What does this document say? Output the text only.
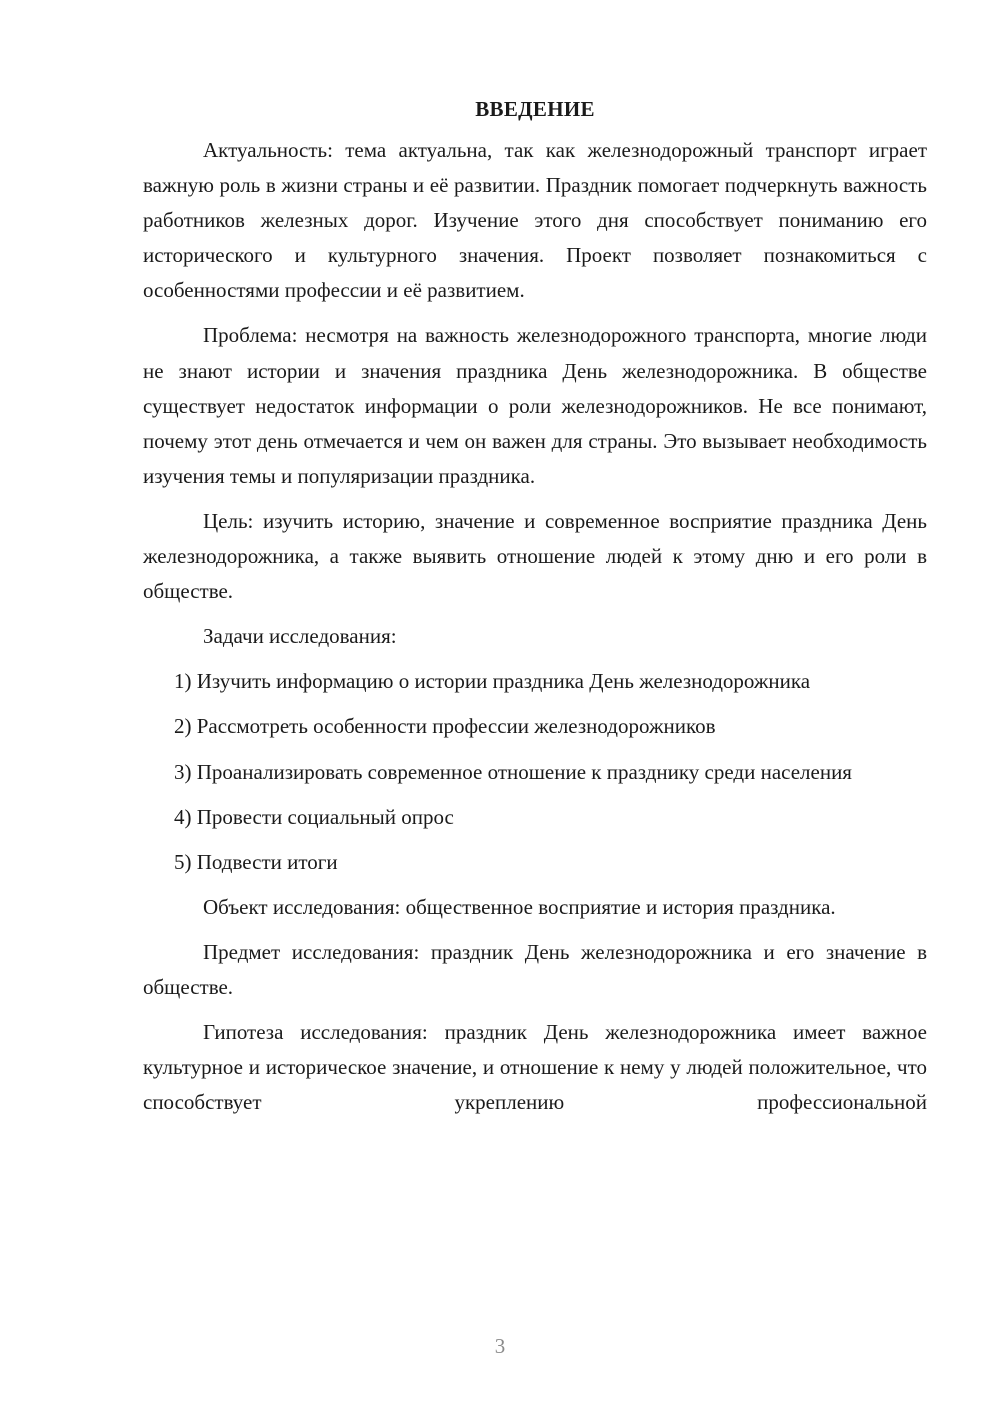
ВВЕДЕНИЕ

Актуальность: тема актуальна, так как железнодорожный транспорт играет важную роль в жизни страны и её развитии. Праздник помогает подчеркнуть важность работников железных дорог. Изучение этого дня способствует пониманию его исторического и культурного значения. Проект позволяет познакомиться с особенностями профессии и её развитием.

Проблема: несмотря на важность железнодорожного транспорта, многие люди не знают истории и значения праздника День железнодорожника. В обществе существует недостаток информации о роли железнодорожников. Не все понимают, почему этот день отмечается и чем он важен для страны. Это вызывает необходимость изучения темы и популяризации праздника.

Цель: изучить историю, значение и современное восприятие праздника День железнодорожника, а также выявить отношение людей к этому дню и его роли в обществе.

Задачи исследования:

1) Изучить информацию о истории праздника День железнодорожника

2) Рассмотреть особенности профессии железнодорожников

3) Проанализировать современное отношение к празднику среди населения

4) Провести социальный опрос

5) Подвести итоги

Объект исследования: общественное восприятие и история праздника.

Предмет исследования: праздник День железнодорожника и его значение в обществе.

Гипотеза исследования: праздник День железнодорожника имеет важное культурное и историческое значение, и отношение к нему у людей положительное, что способствует укреплению профессиональной

3
